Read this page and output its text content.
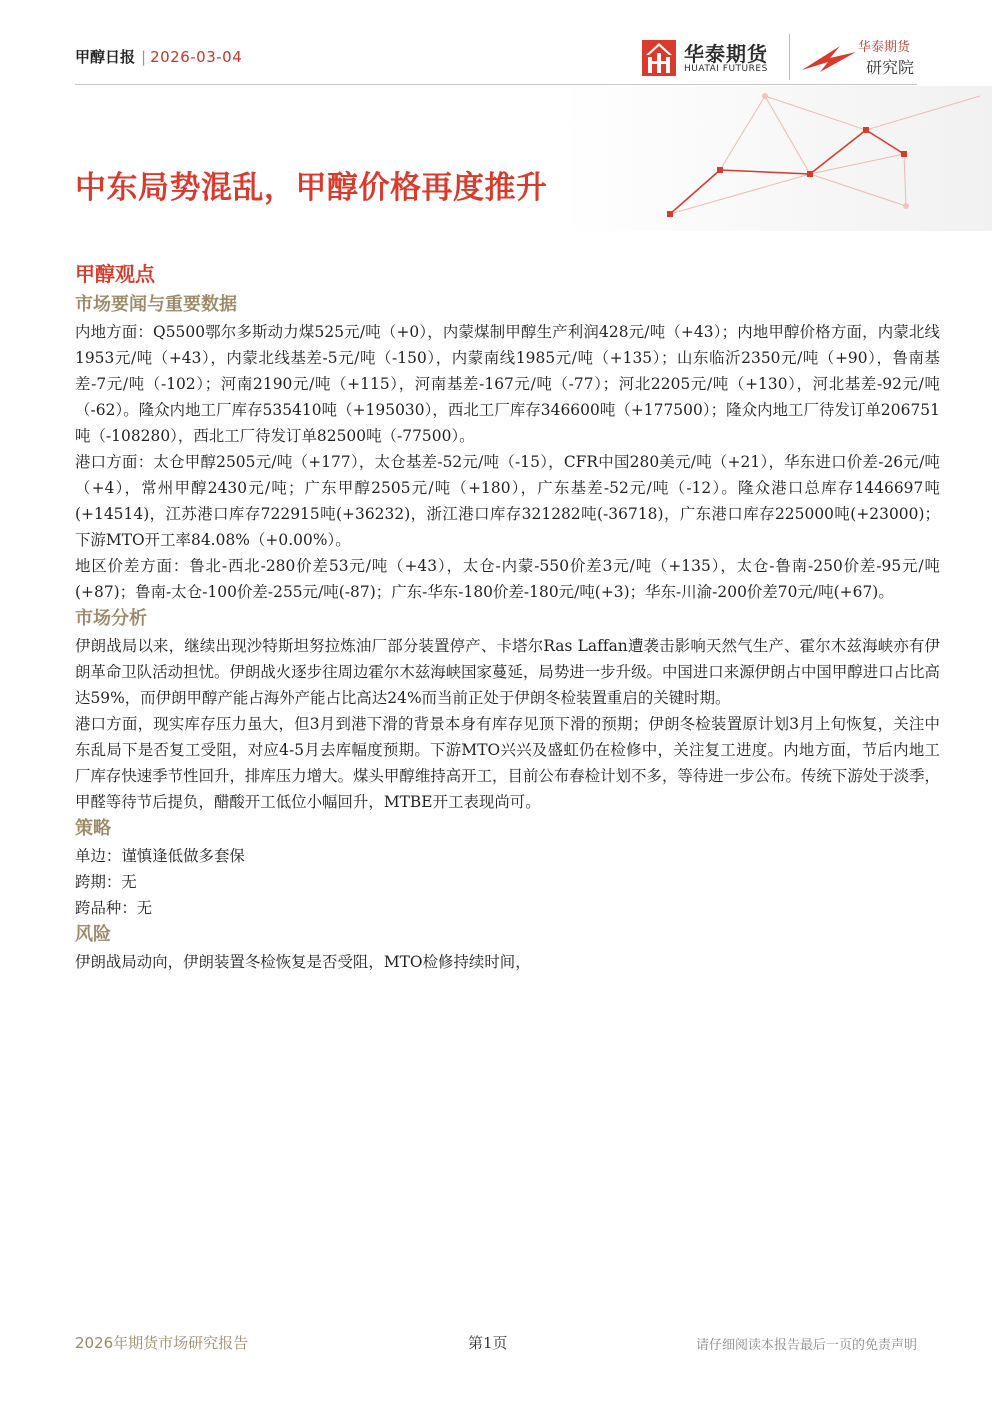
甲醇日报 | 2026-03-04	华泰期货
HUATAI FUTURES
华泰期货
研究院
中东局势混乱，甲醇价格再度推升
甲醇观点
市场要闻与重要数据

内地方面：Q5500鄂尔多斯动力煤525元/吨（+0），内蒙煤制甲醇生产利润428元/吨（+43）；内地甲醇价格方面，内蒙北线1953元/吨（+43），内蒙北线基差-5元/吨（-150），内蒙南线1985元/吨（+135）；山东临沂2350元/吨（+90），鲁南基差-7元/吨（-102）；河南2190元/吨（+115），河南基差-167元/吨（-77）；河北2205元/吨（+130），河北基差-92元/吨（-62）。隆众内地工厂库存535410吨（+195030），西北工厂库存346600吨（+177500）；隆众内地工厂待发订单206751吨（-108280），西北工厂待发订单82500吨（-77500）。

港口方面：太仓甲醇2505元/吨（+177），太仓基差-52元/吨（-15），CFR中国280美元/吨（+21），华东进口价差-26元/吨（+4），常州甲醇2430元/吨；广东甲醇2505元/吨（+180），广东基差-52元/吨（-12）。隆众港口总库存1446697吨(+14514)，江苏港口库存722915吨(+36232)，浙江港口库存321282吨(-36718)，广东港口库存225000吨(+23000)；下游MTO开工率84.08%（+0.00%）。

地区价差方面：鲁北-西北-280价差53元/吨（+43），太仓-内蒙-550价差3元/吨（+135），太仓-鲁南-250价差-95元/吨(+87)；鲁南-太仓-100价差-255元/吨(-87)；广东-华东-180价差-180元/吨(+3)；华东-川渝-200价差70元/吨(+67)。

市场分析

伊朗战局以来，继续出现沙特斯坦努拉炼油厂部分装置停产、卡塔尔Ras Laffan遭袭击影响天然气生产、霍尔木兹海峡亦有伊朗革命卫队活动担忧。伊朗战火逐步往周边霍尔木兹海峡国家蔓延，局势进一步升级。中国进口来源伊朗占中国甲醇进口占比高达59%，而伊朗甲醇产能占海外产能占比高达24%而当前正处于伊朗冬检装置重启的关键时期。

港口方面，现实库存压力虽大，但3月到港下滑的背景本身有库存见顶下滑的预期；伊朗冬检装置原计划3月上旬恢复，关注中东乱局下是否复工受阻，对应4-5月去库幅度预期。下游MTO兴兴及盛虹仍在检修中，关注复工进度。内地方面，节后内地工厂库存快速季节性回升，排库压力增大。煤头甲醇维持高开工，目前公布春检计划不多，等待进一步公布。传统下游处于淡季，甲醛等待节后提负，醋酸开工低位小幅回升，MTBE开工表现尚可。

策略

单边：谨慎逢低做多套保

跨期：无

跨品种：无

风险

伊朗战局动向，伊朗装置冬检恢复是否受阻，MTO检修持续时间，

2026年期货市场研究报告	第1页	请仔细阅读本报告最后一页的免责声明
